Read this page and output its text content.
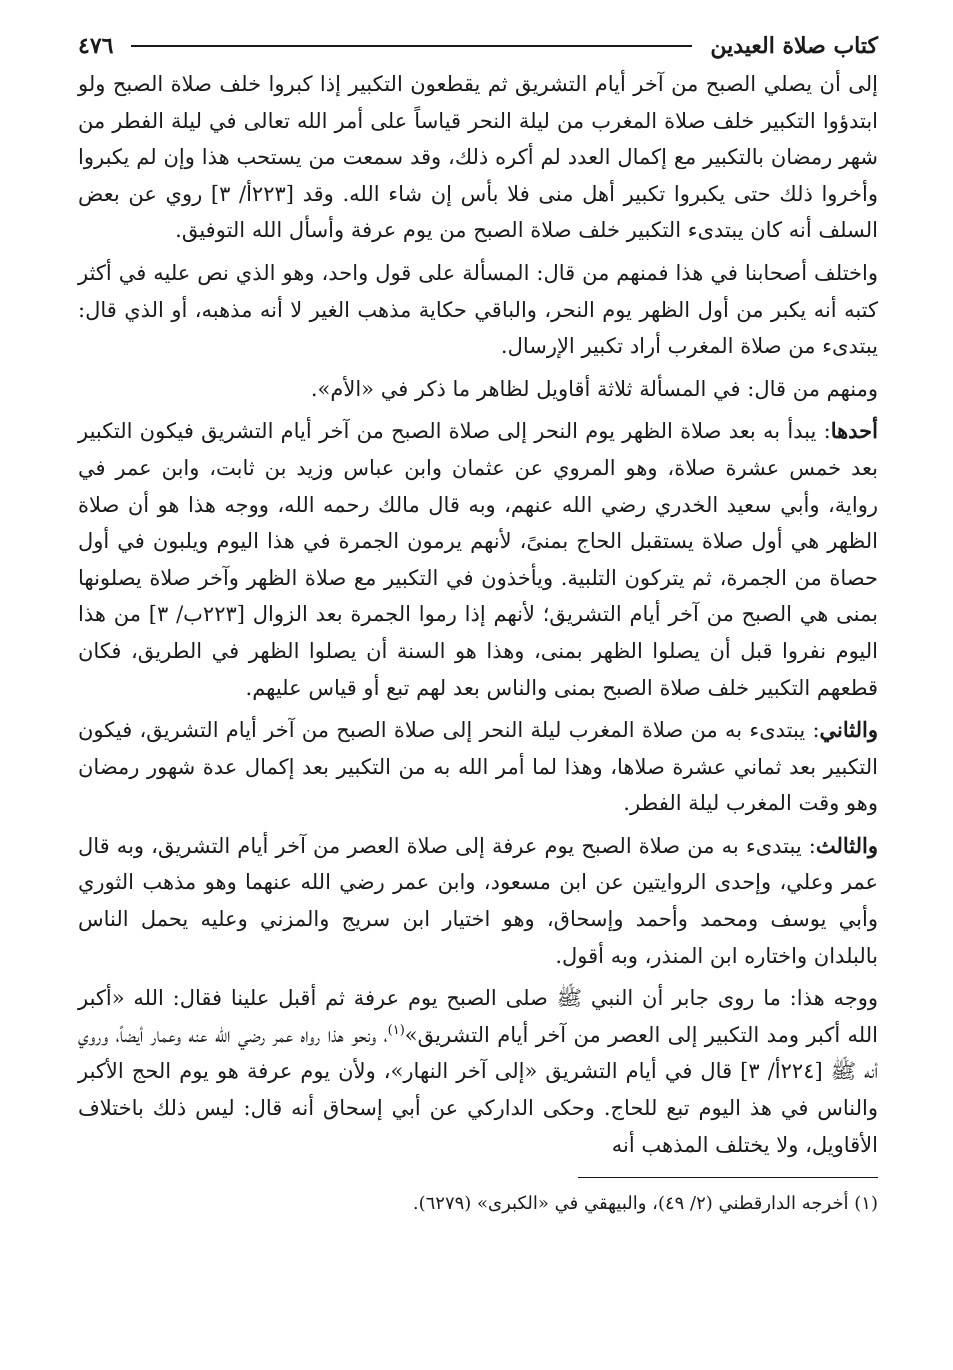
كتاب صلاة العيدين
٤٧٦

إلى أن يصلي الصبح من آخر أيام التشريق ثم يقطعون التكبير إذا كبروا خلف صلاة الصبح ولو ابتدؤوا التكبير خلف صلاة المغرب من ليلة النحر قياساً على أمر الله تعالى في ليلة الفطر من شهر رمضان بالتكبير مع إكمال العدد لم أكره ذلك، وقد سمعت من يستحب هذا وإن لم يكبروا وأخروا ذلك حتى يكبروا تكبير أهل منى فلا بأس إن شاء الله. وقد [٢٢٣أ/ ٣] روي عن بعض السلف أنه كان يبتدىء التكبير خلف صلاة الصبح من يوم عرفة وأسأل الله التوفيق.

واختلف أصحابنا في هذا فمنهم من قال: المسألة على قول واحد، وهو الذي نص عليه في أكثر كتبه أنه يكبر من أول الظهر يوم النحر، والباقي حكاية مذهب الغير لا أنه مذهبه، أو الذي قال: يبتدىء من صلاة المغرب أراد تكبير الإرسال.

ومنهم من قال: في المسألة ثلاثة أقاويل لظاهر ما ذكر في «الأم».

أحدها: يبدأ به بعد صلاة الظهر يوم النحر إلى صلاة الصبح من آخر أيام التشريق فيكون التكبير بعد خمس عشرة صلاة، وهو المروي عن عثمان وابن عباس وزيد بن ثابت، وابن عمر في رواية، وأبي سعيد الخدري رضي الله عنهم، وبه قال مالك رحمه الله، ووجه هذا هو أن صلاة الظهر هي أول صلاة يستقبل الحاج بمنىً، لأنهم يرمون الجمرة في هذا اليوم ويلبون في أول حصاة من الجمرة، ثم يتركون التلبية. ويأخذون في التكبير مع صلاة الظهر وآخر صلاة يصلونها بمنى هي الصبح من آخر أيام التشريق؛ لأنهم إذا رموا الجمرة بعد الزوال [٢٢٣ب/ ٣] من هذا اليوم نفروا قبل أن يصلوا الظهر بمنى، وهذا هو السنة أن يصلوا الظهر في الطريق، فكان قطعهم التكبير خلف صلاة الصبح بمنى والناس بعد لهم تبع أو قياس عليهم.

والثاني: يبتدىء به من صلاة المغرب ليلة النحر إلى صلاة الصبح من آخر أيام التشريق، فيكون التكبير بعد ثماني عشرة صلاها، وهذا لما أمر الله به من التكبير بعد إكمال عدة شهور رمضان وهو وقت المغرب ليلة الفطر.

والثالث: يبتدىء به من صلاة الصبح يوم عرفة إلى صلاة العصر من آخر أيام التشريق، وبه قال عمر وعلي، وإحدى الروايتين عن ابن مسعود، وابن عمر رضي الله عنهما وهو مذهب الثوري وأبي يوسف ومحمد وأحمد وإسحاق، وهو اختيار ابن سريج والمزني وعليه يحمل الناس بالبلدان واختاره ابن المنذر، وبه أقول.

ووجه هذا: ما روى جابر أن النبي ﷺ صلى الصبح يوم عرفة ثم أقبل علينا فقال: الله «أكبر الله أكبر ومد التكبير إلى العصر من آخر أيام التشريق»$^{(١)}$، ونحو هذا رواه عمر رضي الله عنه وعمار أيضاً، وروي أنه ﷺ [٢٢٤أ/ ٣] قال في أيام التشريق «إلى آخر النهار»، ولأن يوم عرفة هو يوم الحج الأكبر والناس في هذ اليوم تبع للحاج. وحكى الداركي عن أبي إسحاق أنه قال: ليس ذلك باختلاف الأقاويل، ولا يختلف المذهب أنه

(١) أخرجه الدارقطني (٢/ ٤٩)، والبيهقي في «الكبرى» (٦٢٧٩).
